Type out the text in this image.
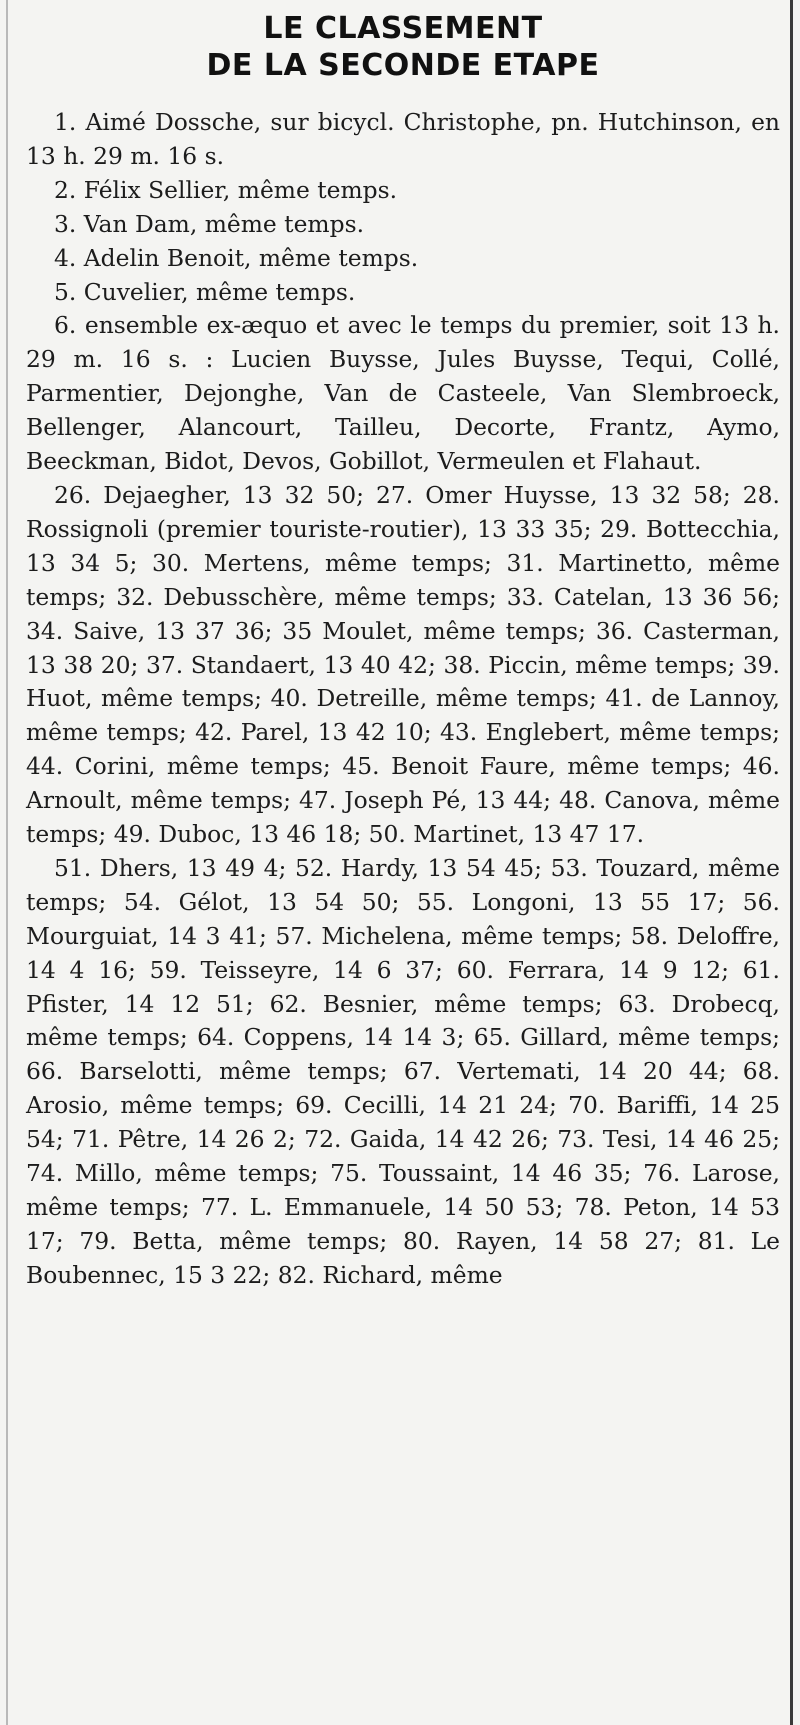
LE CLASSEMENT
DE LA SECONDE ETAPE

1. Aimé Dossche, sur bicycl. Christophe, pn. Hutchinson, en 13 h. 29 m. 16 s.

2. Félix Sellier, même temps.

3. Van Dam, même temps.

4. Adelin Benoit, même temps.

5. Cuvelier, même temps.

6. ensemble ex-æquo et avec le temps du premier, soit 13 h. 29 m. 16 s. : Lucien Buysse, Jules Buysse, Tequi, Collé, Parmentier, Dejonghe, Van de Casteele, Van Slembroeck, Bellenger, Alancourt, Tailleu, Decorte, Frantz, Aymo, Beeckman, Bidot, Devos, Gobillot, Vermeulen et Flahaut.

26. Dejaegher, 13 32 50; 27. Omer Huysse, 13 32 58; 28. Rossignoli (premier touriste-routier), 13 33 35; 29. Bottecchia, 13 34 5; 30. Mertens, même temps; 31. Martinetto, même temps; 32. Debusschère, même temps; 33. Catelan, 13 36 56; 34. Saive, 13 37 36; 35 Moulet, même temps; 36. Casterman, 13 38 20; 37. Standaert, 13 40 42; 38. Piccin, même temps; 39. Huot, même temps; 40. Detreille, même temps; 41. de Lannoy, même temps; 42. Parel, 13 42 10; 43. Englebert, même temps; 44. Corini, même temps; 45. Benoit Faure, même temps; 46. Arnoult, même temps; 47. Joseph Pé, 13 44; 48. Canova, même temps; 49. Duboc, 13 46 18; 50. Martinet, 13 47 17.

51. Dhers, 13 49 4; 52. Hardy, 13 54 45; 53. Touzard, même temps; 54. Gélot, 13 54 50; 55. Longoni, 13 55 17; 56. Mourguiat, 14 3 41; 57. Michelena, même temps; 58. Deloffre, 14 4 16; 59. Teisseyre, 14 6 37; 60. Ferrara, 14 9 12; 61. Pfister, 14 12 51; 62. Besnier, même temps; 63. Drobecq, même temps; 64. Coppens, 14 14 3; 65. Gillard, même temps; 66. Barselotti, même temps; 67. Vertemati, 14 20 44; 68. Arosio, même temps; 69. Cecilli, 14 21 24; 70. Bariffi, 14 25 54; 71. Pêtre, 14 26 2; 72. Gaida, 14 42 26; 73. Tesi, 14 46 25; 74. Millo, même temps; 75. Toussaint, 14 46 35; 76. Larose, même temps; 77. L. Emmanuele, 14 50 53; 78. Peton, 14 53 17; 79. Betta, même temps; 80. Rayen, 14 58 27; 81. Le Boubennec, 15 3 22; 82. Richard, même
